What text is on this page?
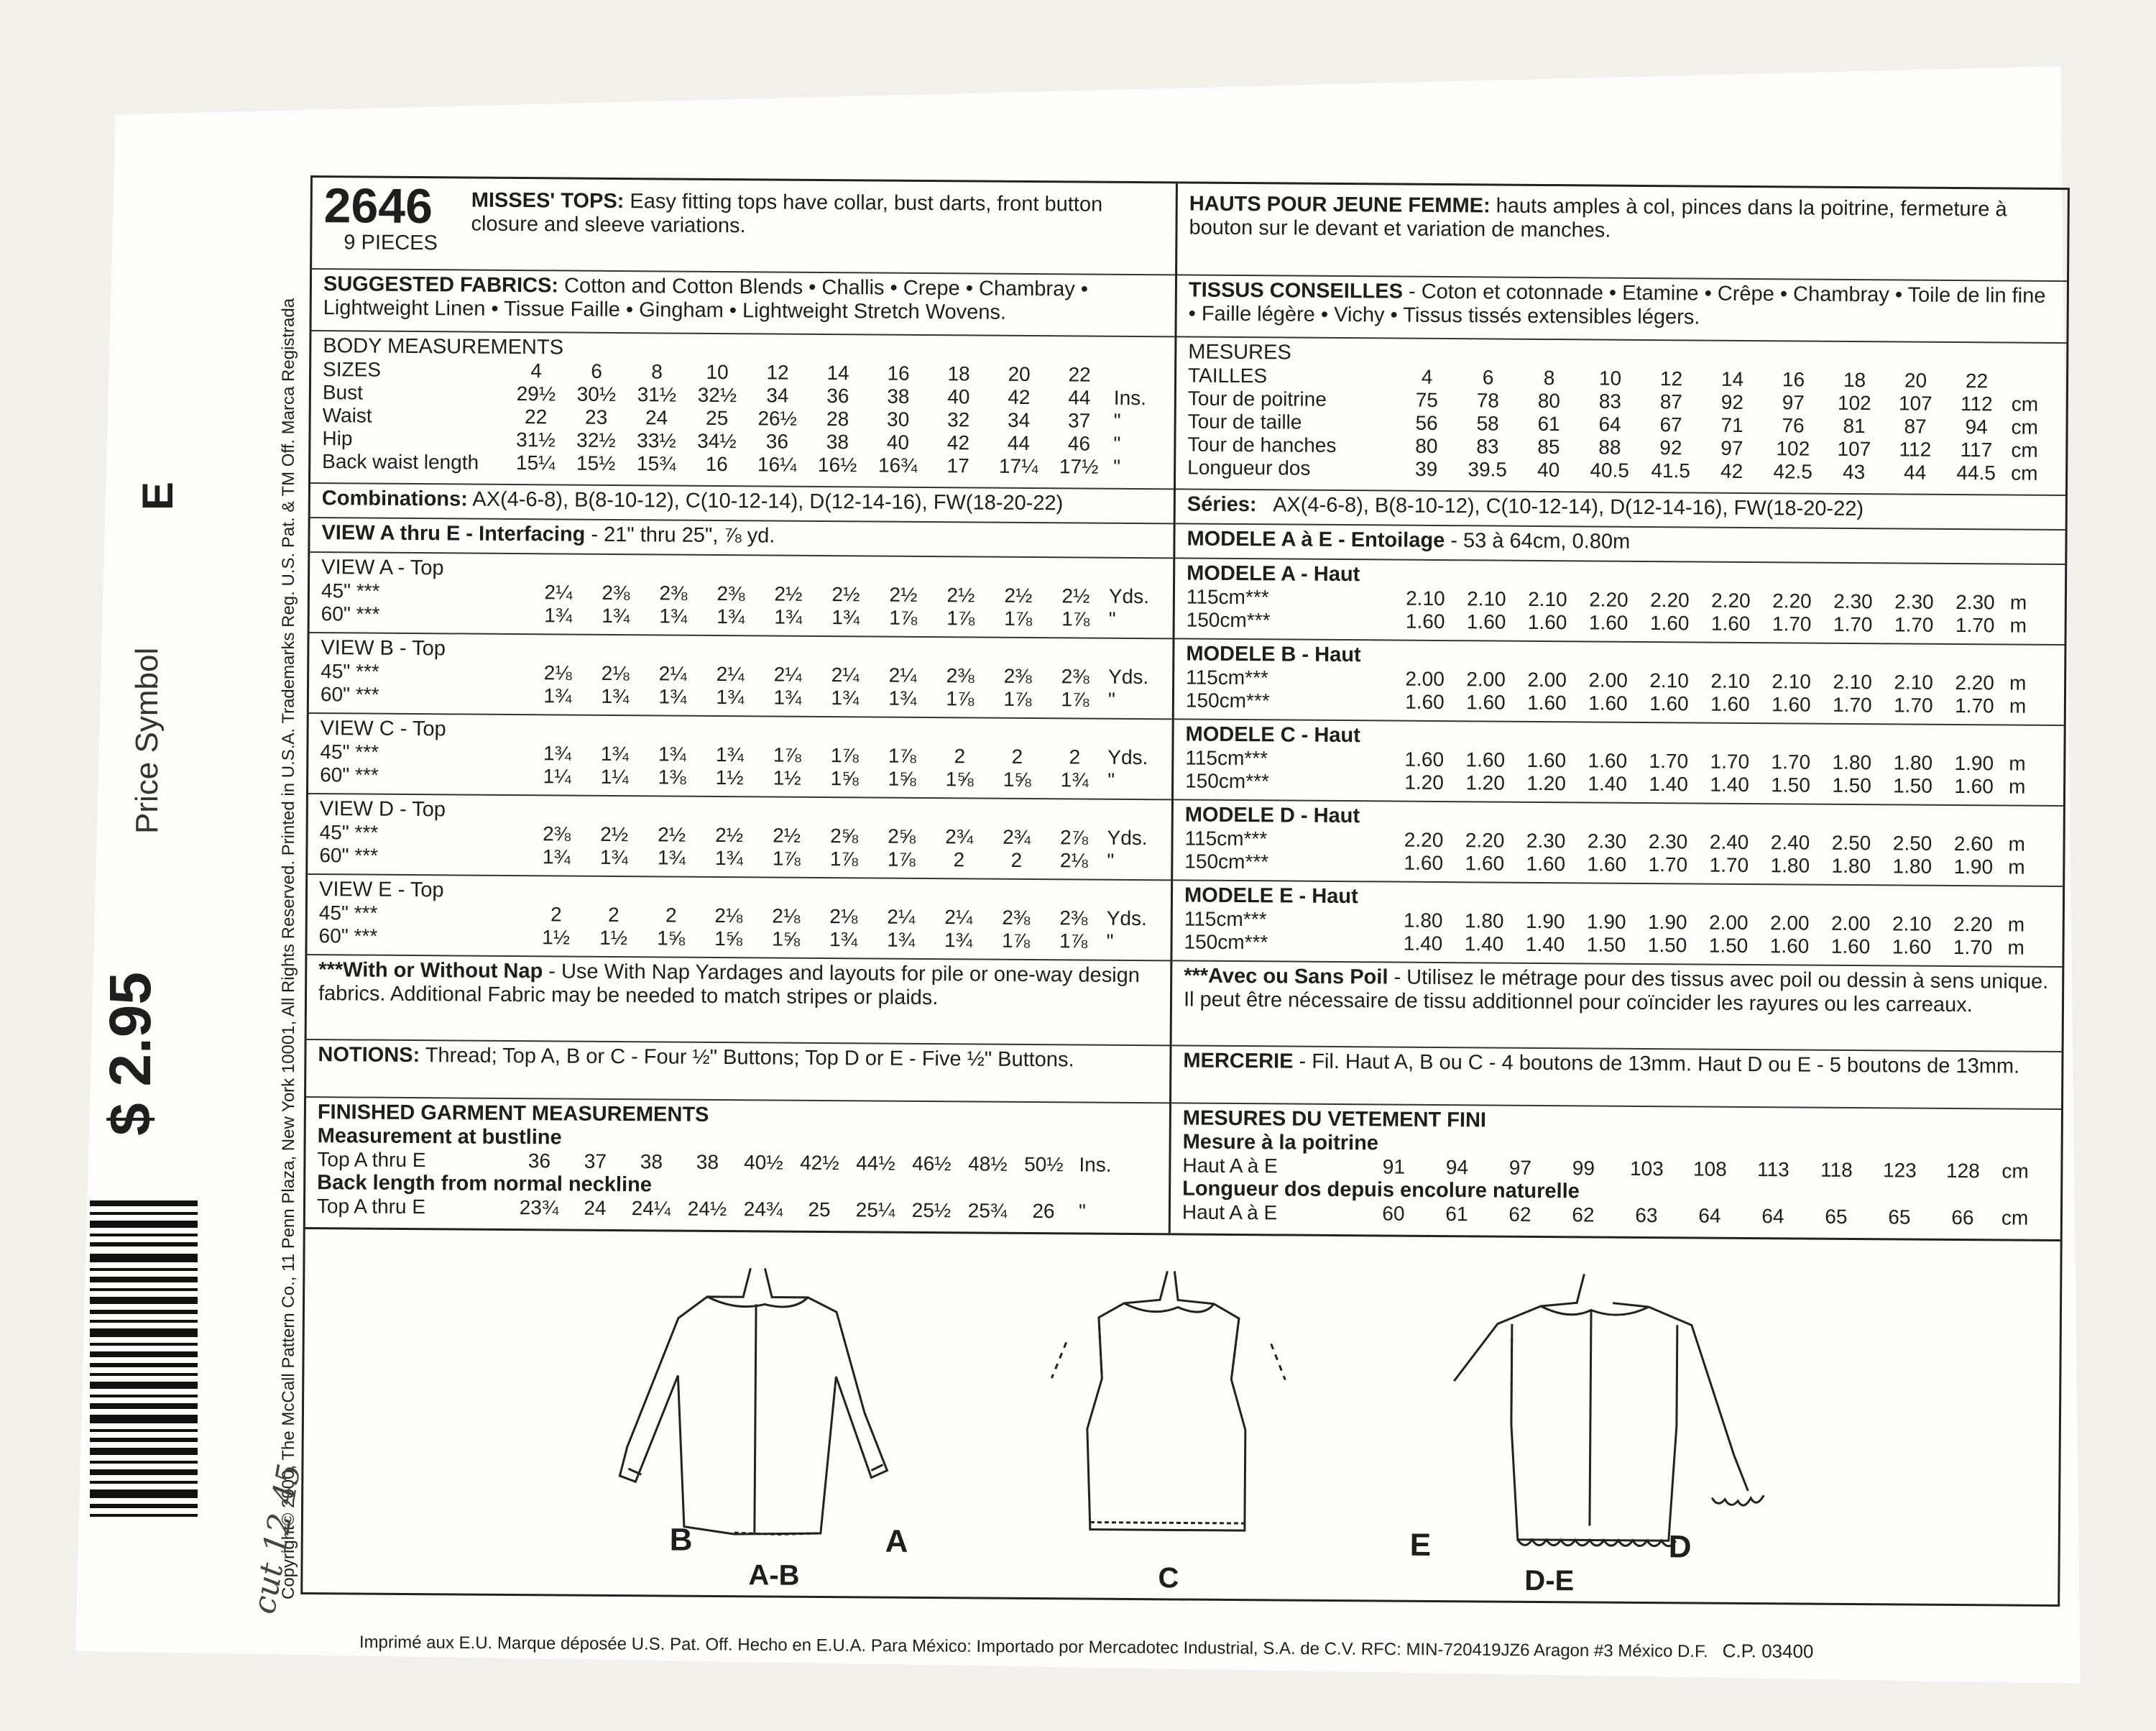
Copyright© 2000, The McCall Pattern Co., 11 Penn Plaza, New York 10001, All Rights Reserved. Printed in U.S.A. Trademarks Reg. U.S. Pat. & TM Off. Marca Registrada
Price Symbol
E
$ 2.95
cut 12 45
2646
9 PIECES
MISSES' TOPS: Easy fitting tops have collar, bust darts, front button closure and sleeve variations.
SUGGESTED FABRICS: Cotton and Cotton Blends • Challis • Crepe • Chambray • Lightweight Linen • Tissue Faille • Gingham • Lightweight Stretch Wovens.
BODY MEASUREMENTS
SIZES	4	6	8	10	12	14	16	18	20	22	
Bust	29½	30½	31½	32½	34	36	38	40	42	44	Ins.
Waist	22	23	24	25	26½	28	30	32	34	37	"
Hip	31½	32½	33½	34½	36	38	40	42	44	46	"
Back waist length	15¼	15½	15¾	16	16¼	16½	16¾	17	17¼	17½	"
Combinations: AX(4-6-8), B(8-10-12), C(10-12-14), D(12-14-16), FW(18-20-22)
VIEW A thru E - Interfacing - 21" thru 25", ⅞ yd.
VIEW A - Top
45" ***	2¼	2⅜	2⅜	2⅜	2½	2½	2½	2½	2½	2½	Yds.
60" ***	1¾	1¾	1¾	1¾	1¾	1¾	1⅞	1⅞	1⅞	1⅞	"
VIEW B - Top
45" ***	2⅛	2⅛	2¼	2¼	2¼	2¼	2¼	2⅜	2⅜	2⅜	Yds.
60" ***	1¾	1¾	1¾	1¾	1¾	1¾	1¾	1⅞	1⅞	1⅞	"
VIEW C - Top
45" ***	1¾	1¾	1¾	1¾	1⅞	1⅞	1⅞	2	2	2	Yds.
60" ***	1¼	1¼	1⅜	1½	1½	1⅝	1⅝	1⅝	1⅝	1¾	"
VIEW D - Top
45" ***	2⅜	2½	2½	2½	2½	2⅝	2⅝	2¾	2¾	2⅞	Yds.
60" ***	1¾	1¾	1¾	1¾	1⅞	1⅞	1⅞	2	2	2⅛	"
VIEW E - Top
45" ***	2	2	2	2⅛	2⅛	2⅛	2¼	2¼	2⅜	2⅜	Yds.
60" ***	1½	1½	1⅝	1⅝	1⅝	1¾	1¾	1¾	1⅞	1⅞	"
***With or Without Nap - Use With Nap Yardages and layouts for pile or one-way design fabrics. Additional Fabric may be needed to match stripes or plaids.
NOTIONS: Thread; Top A, B or C - Four ½" Buttons; Top D or E - Five ½" Buttons.
FINISHED GARMENT MEASUREMENTS
Measurement at bustline
Top A thru E	36	37	38	38	40½	42½	44½	46½	48½	50½	Ins.
Back length from normal neckline
Top A thru E	23¾	24	24¼	24½	24¾	25	25¼	25½	25¾	26	"
HAUTS POUR JEUNE FEMME: hauts amples à col, pinces dans la poitrine, fermeture à bouton sur le devant et variation de manches.
TISSUS CONSEILLES - Coton et cotonnade • Etamine • Crêpe • Chambray • Toile de lin fine • Faille légère • Vichy • Tissus tissés extensibles légers.
MESURES
TAILLES	4	6	8	10	12	14	16	18	20	22	
Tour de poitrine	75	78	80	83	87	92	97	102	107	112	cm
Tour de taille	56	58	61	64	67	71	76	81	87	94	cm
Tour de hanches	80	83	85	88	92	97	102	107	112	117	cm
Longueur dos	39	39.5	40	40.5	41.5	42	42.5	43	44	44.5	cm
Séries: AX(4-6-8), B(8-10-12), C(10-12-14), D(12-14-16), FW(18-20-22)
MODELE A à E - Entoilage - 53 à 64cm, 0.80m
MODELE A - Haut
115cm***	2.10	2.10	2.10	2.20	2.20	2.20	2.20	2.30	2.30	2.30	m
150cm***	1.60	1.60	1.60	1.60	1.60	1.60	1.70	1.70	1.70	1.70	m
MODELE B - Haut
115cm***	2.00	2.00	2.00	2.00	2.10	2.10	2.10	2.10	2.10	2.20	m
150cm***	1.60	1.60	1.60	1.60	1.60	1.60	1.60	1.70	1.70	1.70	m
MODELE C - Haut
115cm***	1.60	1.60	1.60	1.60	1.70	1.70	1.70	1.80	1.80	1.90	m
150cm***	1.20	1.20	1.20	1.40	1.40	1.40	1.50	1.50	1.50	1.60	m
MODELE D - Haut
115cm***	2.20	2.20	2.30	2.30	2.30	2.40	2.40	2.50	2.50	2.60	m
150cm***	1.60	1.60	1.60	1.60	1.70	1.70	1.80	1.80	1.80	1.90	m
MODELE E - Haut
115cm***	1.80	1.80	1.90	1.90	1.90	2.00	2.00	2.00	2.10	2.20	m
150cm***	1.40	1.40	1.40	1.50	1.50	1.50	1.60	1.60	1.60	1.70	m
***Avec ou Sans Poil - Utilisez le métrage pour des tissus avec poil ou dessin à sens unique. Il peut être nécessaire de tissu additionnel pour coïncider les rayures ou les carreaux.
MERCERIE - Fil. Haut A, B ou C - 4 boutons de 13mm. Haut D ou E - 5 boutons de 13mm.
MESURES DU VETEMENT FINI
Mesure à la poitrine
Haut A à E	91	94	97	99	103	108	113	118	123	128	cm
Longueur dos depuis encolure naturelle
Haut A à E	60	61	62	62	63	64	64	65	65	66	cm
B	A
A-B	C
E	D
D-E
Imprimé aux E.U. Marque déposée U.S. Pat. Off. Hecho en E.U.A. Para México: Importado por Mercadotec Industrial, S.A. de C.V. RFC: MIN-720419JZ6 Aragon #3 México D.F. C.P. 03400
